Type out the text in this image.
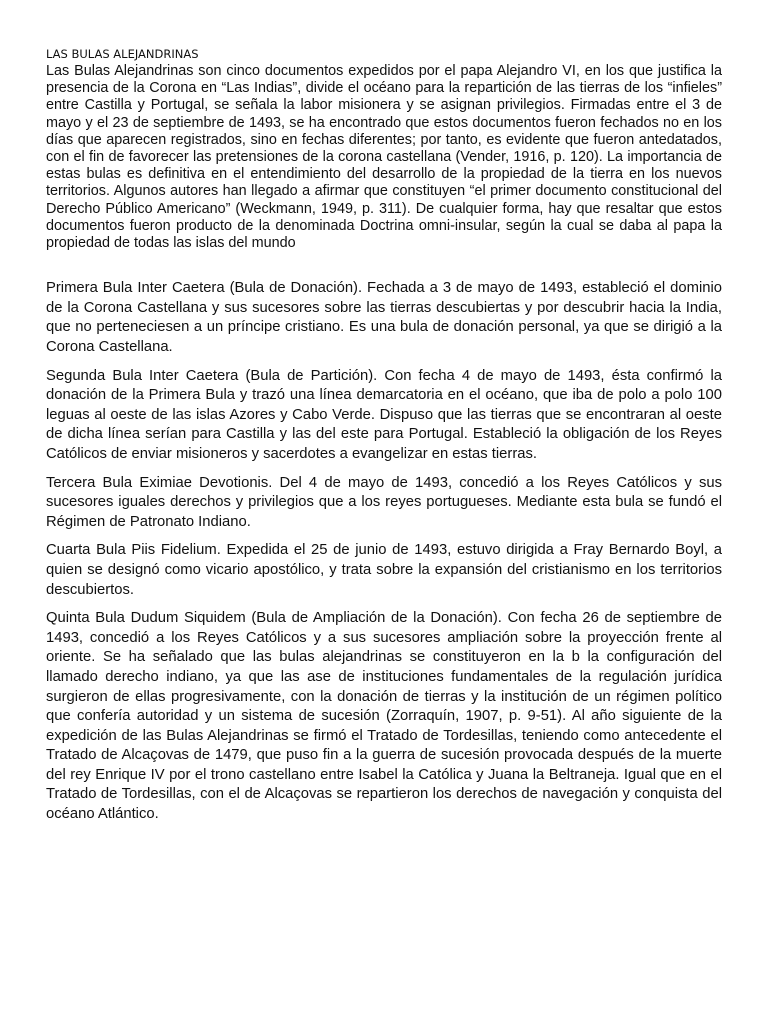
LAS BULAS ALEJANDRINAS

Las Bulas Alejandrinas son cinco documentos expedidos por el papa Alejandro VI, en los que justifica la presencia de la Corona en “Las Indias”, divide el océano para la repartición de las tierras de los “infieles” entre Castilla y Portugal, se señala la labor misionera y se asignan privilegios. Firmadas entre el 3 de mayo y el 23 de septiembre de 1493, se ha encontrado que estos documentos fueron fechados no en los días que aparecen registrados, sino en fechas diferentes; por tanto, es evidente que fueron antedatados, con el fin de favorecer las pretensiones de la corona castellana (Vender, 1916, p. 120). La importancia de estas bulas es definitiva en el entendimiento del desarrollo de la propiedad de la tierra en los nuevos territorios. Algunos autores han llegado a afirmar que constituyen “el primer documento constitucional del Derecho Público Americano” (Weckmann, 1949, p. 311). De cualquier forma, hay que resaltar que estos documentos fueron producto de la denominada Doctrina omni-insular, según la cual se daba al papa la propiedad de todas las islas del mundo

Primera Bula Inter Caetera (Bula de Donación). Fechada a 3 de mayo de 1493, estableció el dominio de la Corona Castellana y sus sucesores sobre las tierras descubiertas y por descubrir hacia la India, que no perteneciesen a un príncipe cristiano. Es una bula de donación personal, ya que se dirigió a la Corona Castellana.

Segunda Bula Inter Caetera (Bula de Partición). Con fecha 4 de mayo de 1493, ésta confirmó la donación de la Primera Bula y trazó una línea demarcatoria en el océano, que iba de polo a polo 100 leguas al oeste de las islas Azores y Cabo Verde. Dispuso que las tierras que se encontraran al oeste de dicha línea serían para Castilla y las del este para Portugal. Estableció la obligación de los Reyes Católicos de enviar misioneros y sacerdotes a evangelizar en estas tierras.

Tercera Bula Eximiae Devotionis. Del 4 de mayo de 1493, concedió a los Reyes Católicos y sus sucesores iguales derechos y privilegios que a los reyes portugueses. Mediante esta bula se fundó el Régimen de Patronato Indiano.

Cuarta Bula Piis Fidelium. Expedida el 25 de junio de 1493, estuvo dirigida a Fray Bernardo Boyl, a quien se designó como vicario apostólico, y trata sobre la expansión del cristianismo en los territorios descubiertos.

Quinta Bula Dudum Siquidem (Bula de Ampliación de la Donación). Con fecha 26 de septiembre de 1493, concedió a los Reyes Católicos y a sus sucesores ampliación sobre la proyección frente al oriente. Se ha señalado que las bulas alejandrinas se constituyeron en la b la configuración del llamado derecho indiano, ya que las ase de instituciones fundamentales de la regulación jurídica surgieron de ellas progresivamente, con la donación de tierras y la institución de un régimen político que confería autoridad y un sistema de sucesión (Zorraquín, 1907, p. 9-51). Al año siguiente de la expedición de las Bulas Alejandrinas se firmó el Tratado de Tordesillas, teniendo como antecedente el Tratado de Alcaçovas de 1479, que puso fin a la guerra de sucesión provocada después de la muerte del rey Enrique IV por el trono castellano entre Isabel la Católica y Juana la Beltraneja. Igual que en el Tratado de Tordesillas, con el de Alcaçovas se repartieron los derechos de navegación y conquista del océano Atlántico.
